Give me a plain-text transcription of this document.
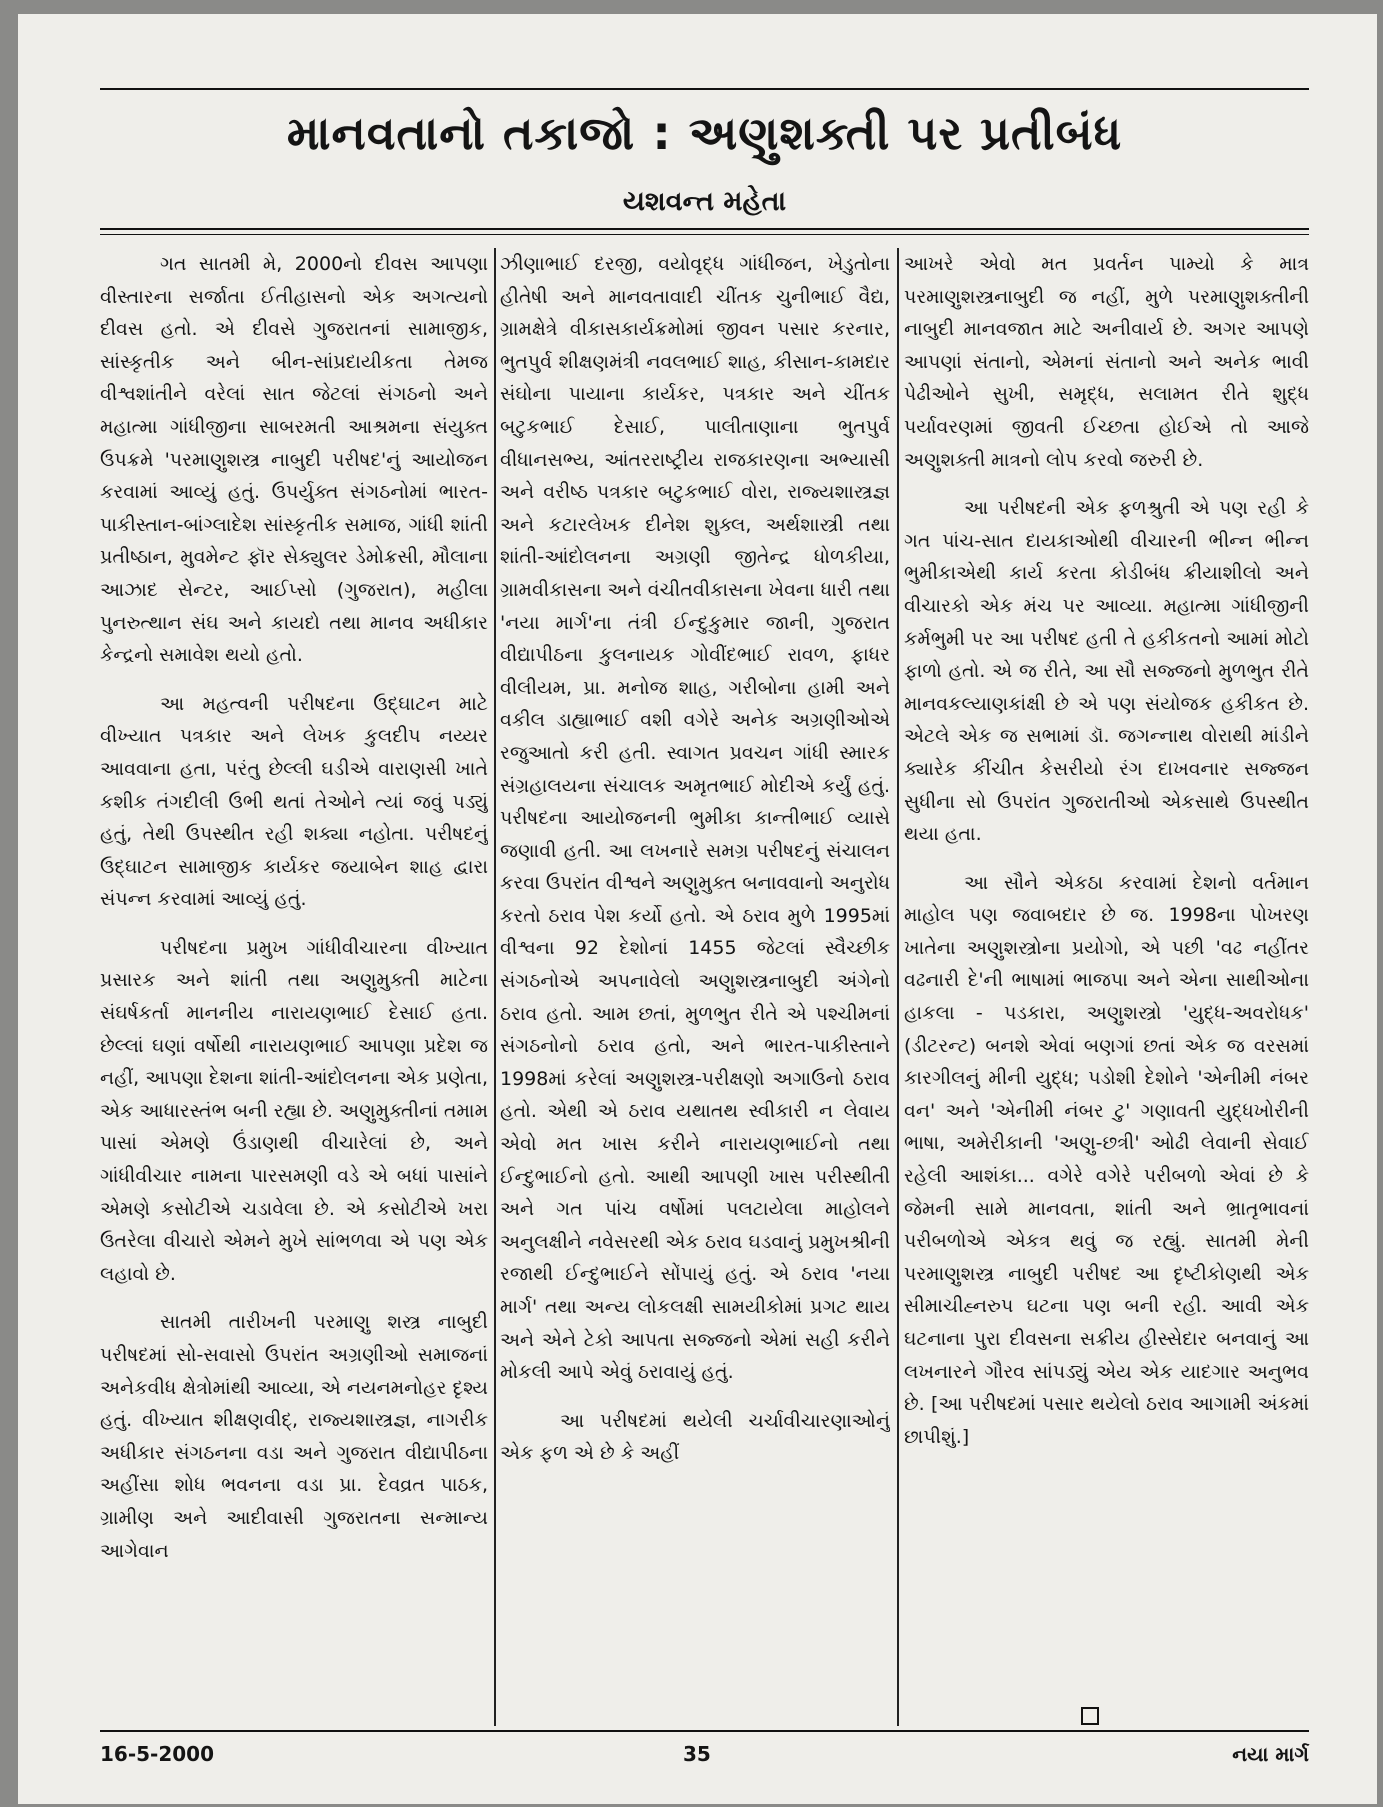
માનવતાનો તકાજો : અણુશક્તી પર પ્રતીબંધ
યશવન્ત મહેતા

ગત સાતમી મે, 2000નો દીવસ આપણા વીસ્તારના સર્જાતા ઈતીહાસનો એક અગત્યનો દીવસ હતો. એ દીવસે ગુજરાતનાં સામાજીક, સાંસ્કૃતીક અને બીન-સાંપ્રદાયીકતા તેમજ વીશ્વશાંતીને વરેલાં સાત જેટલાં સંગઠનો અને મહાત્મા ગાંધીજીના સાબરમતી આશ્રમના સંયુક્ત ઉપક્રમે 'પરમાણુશસ્ત્ર નાબુદી પરીષદ'નું આયોજન કરવામાં આવ્યું હતું. ઉપર્યુક્ત સંગઠનોમાં ભારત-પાકીસ્તાન-બાંગ્લાદેશ સાંસ્કૃતીક સમાજ, ગાંધી શાંતી પ્રતીષ્ઠાન, મુવમેન્ટ ફૉર સેક્યુલર ડેમોક્રસી, મૌલાના આઝાદ સેન્ટર, આઈપ્સો (ગુજરાત), મહીલા પુનરુત્થાન સંઘ અને કાયદો તથા માનવ અધીકાર કેન્દ્રનો સમાવેશ થયો હતો.

આ મહત્વની પરીષદના ઉદ્ઘાટન માટે વીખ્યાત પત્રકાર અને લેખક કુલદીપ નય્યર આવવાના હતા, પરંતુ છેલ્લી ઘડીએ વારાણસી ખાતે કશીક તંગદીલી ઉભી થતાં તેઓને ત્યાં જવું પડ્યું હતું, તેથી ઉપસ્થીત રહી શક્યા નહોતા. પરીષદનું ઉદ્ઘાટન સામાજીક કાર્યકર જયાબેન શાહ દ્વારા સંપન્ન કરવામાં આવ્યું હતું.

પરીષદના પ્રમુખ ગાંધીવીચારના વીખ્યાત પ્રસારક અને શાંતી તથા અણુમુક્તી માટેના સંઘર્ષકર્તા માનનીય નારાયણભાઈ દેસાઈ હતા. છેલ્લાં ઘણાં વર્ષોથી નારાયણભાઈ આપણા પ્રદેશ જ નહીં, આપણા દેશના શાંતી-આંદોલનના એક પ્રણેતા, એક આધારસ્તંભ બની રહ્યા છે. અણુમુક્તીનાં તમામ પાસાં એમણે ઉંડાણથી વીચારેલાં છે, અને ગાંધીવીચાર નામના પારસમણી વડે એ બધાં પાસાંને એમણે કસોટીએ ચડાવેલા છે. એ કસોટીએ ખરા ઉતરેલા વીચારો એમને મુખે સાંભળવા એ પણ એક લહાવો છે.

સાતમી તારીખની પરમાણુ શસ્ત્ર નાબુદી પરીષદમાં સો-સવાસો ઉપરાંત અગ્રણીઓ સમાજનાં અનેકવીધ ક્ષેત્રોમાંથી આવ્યા, એ નયનમનોહર દૃશ્ય હતું. વીખ્યાત શીક્ષણવીદ્, રાજ્યશાસ્ત્રજ્ઞ, નાગરીક અધીકાર સંગઠનના વડા અને ગુજરાત વીદ્યાપીઠના અહીંસા શોધ ભવનના વડા પ્રા. દેવવ્રત પાઠક, ગ્રામીણ અને આદીવાસી ગુજરાતના સન્માન્ય આગેવાન

ઝીણાભાઈ દરજી, વયોવૃદ્ધ ગાંધીજન, ખેડુતોના હીતેષી અને માનવતાવાદી ચીંતક ચુનીભાઈ વૈદ્ય, ગ્રામક્ષેત્રે વીકાસકાર્યક્રમોમાં જીવન પસાર કરનાર, ભુતપુર્વ શીક્ષણમંત્રી નવલભાઈ શાહ, કીસાન-કામદાર સંઘોના પાયાના કાર્યકર, પત્રકાર અને ચીંતક બટુકભાઈ દેસાઈ, પાલીતાણાના ભુતપુર્વ વીધાનસભ્ય, આંતરરાષ્ટ્રીય રાજકારણના અભ્યાસી અને વરીષ્ઠ પત્રકાર બટુકભાઈ વોરા, રાજ્યશાસ્ત્રજ્ઞ અને કટારલેખક દીનેશ શુક્લ, અર્થશાસ્ત્રી તથા શાંતી-આંદોલનના અગ્રણી જીતેન્દ્ર ધોળકીયા, ગ્રામવીકાસના અને વંચીતવીકાસના ખેવના ધારી તથા 'નયા માર્ગ'ના તંત્રી ઈન્દુકુમાર જાની, ગુજરાત વીદ્યાપીઠના કુલનાયક ગોવીંદભાઈ રાવળ, ફાધર વીલીયમ, પ્રા. મનોજ શાહ, ગરીબોના હામી અને વકીલ ડાહ્યાભાઈ વશી વગેરે અનેક અગ્રણીઓએ રજુઆતો કરી હતી. સ્વાગત પ્રવચન ગાંધી સ્મારક સંગ્રહાલયના સંચાલક અમૃતભાઈ મોદીએ કર્યું હતું. પરીષદના આયોજનની ભુમીકા કાન્તીભાઈ વ્યાસે જણાવી હતી. આ લખનારે સમગ્ર પરીષદનું સંચાલન કરવા ઉપરાંત વીશ્વને અણુમુક્ત બનાવવાનો અનુરોધ કરતો ઠરાવ પેશ કર્યો હતો. એ ઠરાવ મુળે 1995માં વીશ્વના 92 દેશોનાં 1455 જેટલાં સ્વૈચ્છીક સંગઠનોએ અપનાવેલો અણુશસ્ત્રનાબુદી અંગેનો ઠરાવ હતો. આમ છતાં, મુળભુત રીતે એ પશ્ચીમનાં સંગઠનોનો ઠરાવ હતો, અને ભારત-પાકીસ્તાને 1998માં કરેલાં અણુશસ્ત્ર-પરીક્ષણો અગાઉનો ઠરાવ હતો. એથી એ ઠરાવ યથાતથ સ્વીકારી ન લેવાય એવો મત ખાસ કરીને નારાયણભાઈનો તથા ઈન્દુભાઈનો હતો. આથી આપણી ખાસ પરીસ્થીતી અને ગત પાંચ વર્ષોમાં પલટાયેલા માહોલને અનુલક્ષીને નવેસરથી એક ઠરાવ ઘડવાનું પ્રમુખશ્રીની રજાથી ઈન્દુભાઈને સોંપાયું હતું. એ ઠરાવ 'નયા માર્ગ' તથા અન્ય લોકલક્ષી સામયીકોમાં પ્રગટ થાય અને એને ટેકો આપતા સજ્જનો એમાં સહી કરીને મોકલી આપે એવું ઠરાવાયું હતું.

આ પરીષદમાં થયેલી ચર્ચાવીચારણાઓનું એક ફળ એ છે કે અહીં

આખરે એવો મત પ્રવર્તન પામ્યો કે માત્ર પરમાણુશસ્ત્રનાબુદી જ નહીં, મુળે પરમાણુશક્તીની નાબુદી માનવજાત માટે અનીવાર્ય છે. અગર આપણે આપણાં સંતાનો, એમનાં સંતાનો અને અનેક ભાવી પેઢીઓને સુખી, સમૃદ્ધ, સલામત રીતે શુદ્ધ પર્યાવરણમાં જીવતી ઈચ્છતા હોઈએ તો આજે અણુશક્તી માત્રનો લોપ કરવો જરુરી છે.

આ પરીષદની એક ફળશ્રુતી એ પણ રહી કે ગત પાંચ-સાત દાયકાઓથી વીચારની ભીન્ન ભીન્ન ભુમીકાએથી કાર્ય કરતા કોડીબંધ ક્રીયાશીલો અને વીચારકો એક મંચ પર આવ્યા. મહાત્મા ગાંધીજીની કર્મભુમી પર આ પરીષદ હતી તે હકીકતનો આમાં મોટો ફાળો હતો. એ જ રીતે, આ સૌ સજ્જનો મુળભુત રીતે માનવકલ્યાણકાંક્ષી છે એ પણ સંયોજક હકીકત છે. એટલે એક જ સભામાં ડૉ. જગન્નાથ વોરાથી માંડીને ક્યારેક કીંચીત કેસરીયો રંગ દાખવનાર સજ્જન સુધીના સો ઉપરાંત ગુજરાતીઓ એકસાથે ઉપસ્થીત થયા હતા.

આ સૌને એકઠા કરવામાં દેશનો વર્તમાન માહોલ પણ જવાબદાર છે જ. 1998ના પોખરણ ખાતેના અણુશસ્ત્રોના પ્રયોગો, એ પછી 'વઢ નહીંતર વઢનારી દે'ની ભાષામાં ભાજપા અને એના સાથીઓના હાકલા - પડકારા, અણુશસ્ત્રો 'યુદ્ધ-અવરોધક' (ડીટરન્ટ) બનશે એવાં બણગાં છતાં એક જ વરસમાં કારગીલનું મીની યુદ્ધ; પડોશી દેશોને 'એનીમી નંબર વન' અને 'એનીમી નંબર ટુ' ગણાવતી યુદ્ધખોરીની ભાષા, અમેરીકાની 'અણુ-છત્રી' ઓઢી લેવાની સેવાઈ રહેલી આશંકા... વગેરે વગેરે પરીબળો એવાં છે કે જેમની સામે માનવતા, શાંતી અને ભ્રાતૃભાવનાં પરીબળોએ એકત્ર થવું જ રહ્યું. સાતમી મેની પરમાણુશસ્ત્ર નાબુદી પરીષદ આ દૃષ્ટીકોણથી એક સીમાચીહ્નરુપ ઘટના પણ બની રહી. આવી એક ઘટનાના પુરા દીવસના સક્રીય હીસ્સેદાર બનવાનું આ લખનારને ગૌરવ સાંપડ્યું એય એક યાદગાર અનુભવ છે. [આ પરીષદમાં પસાર થયેલો ઠરાવ આગામી અંકમાં છાપીશું.]

16-5-2000	35	નયા માર્ગ
